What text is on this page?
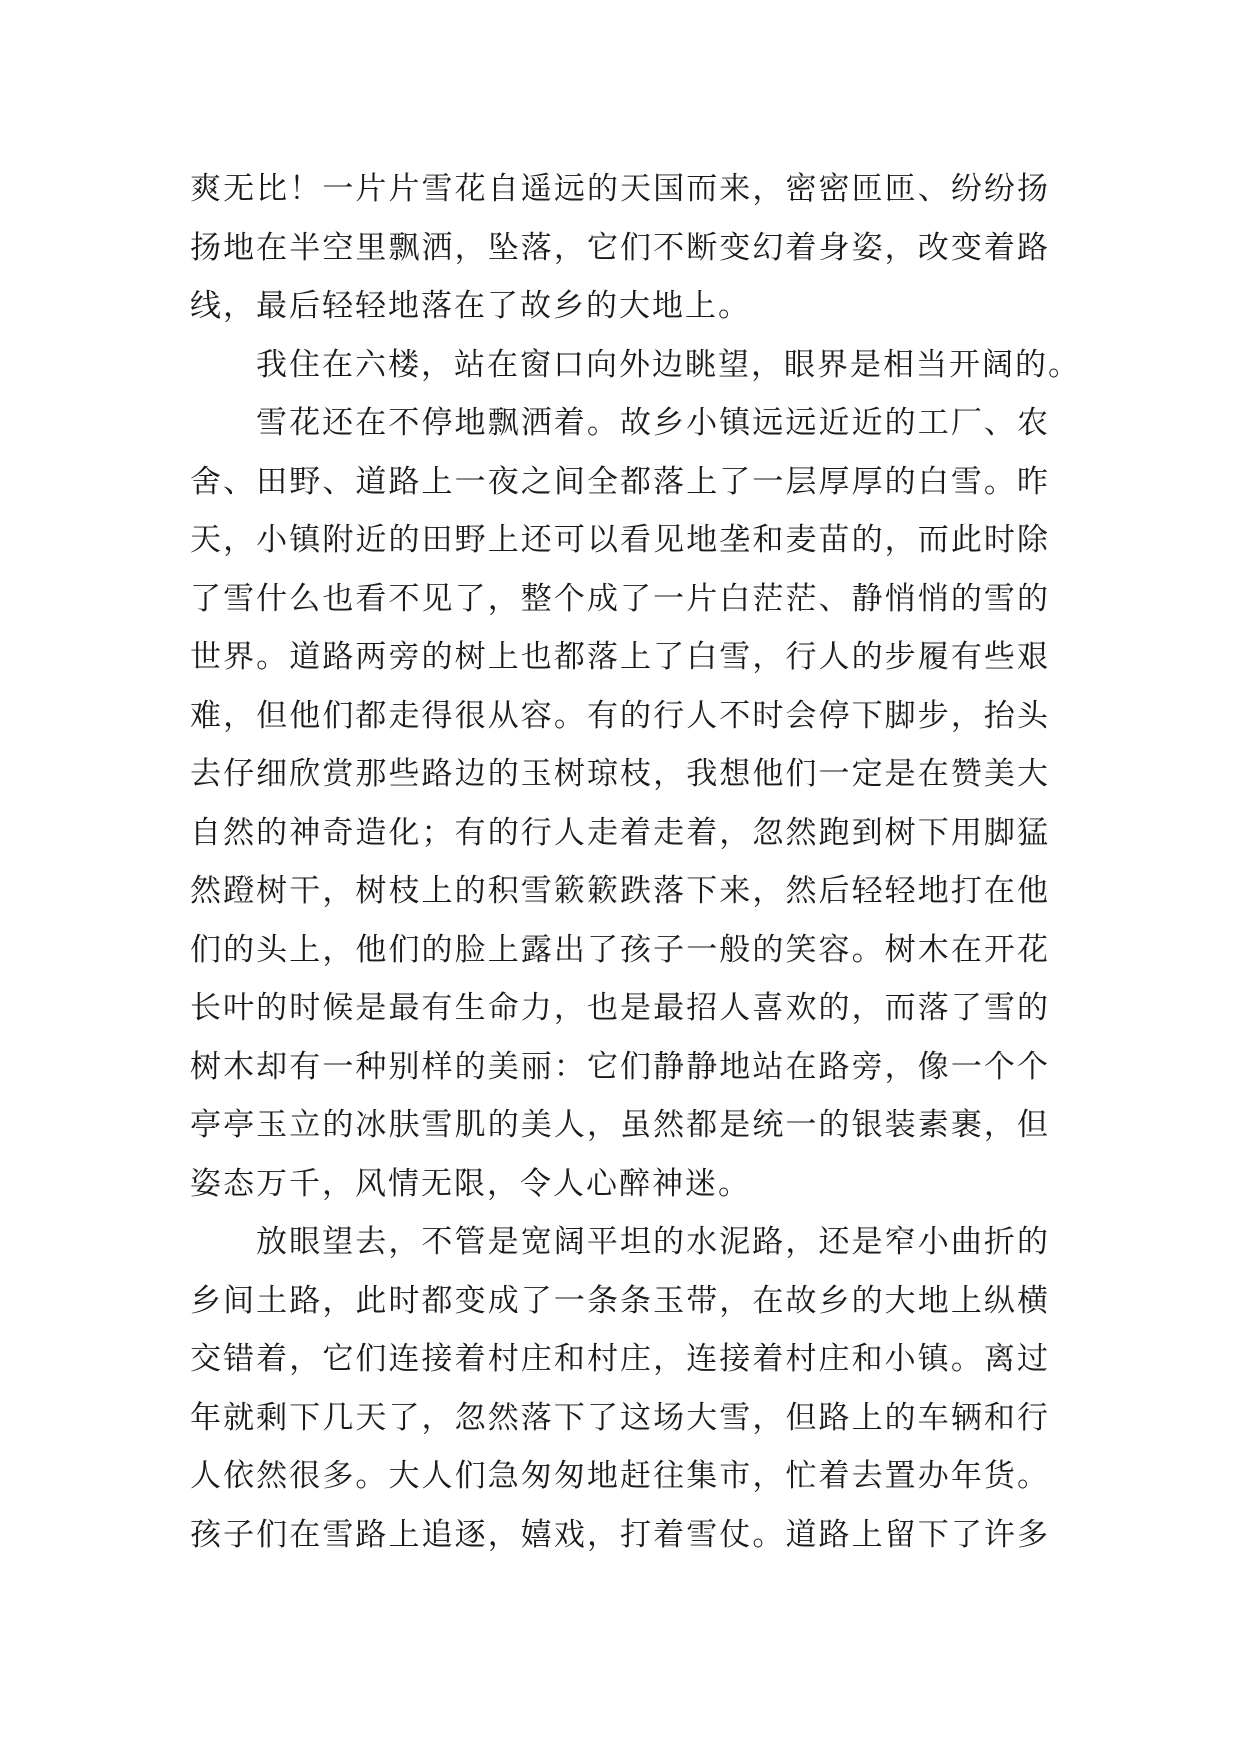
爽无比！一片片雪花自遥远的天国而来，密密匝匝、纷纷扬
扬地在半空里飘洒，坠落，它们不断变幻着身姿，改变着路
线，最后轻轻地落在了故乡的大地上。
我住在六楼，站在窗口向外边眺望，眼界是相当开阔的。
雪花还在不停地飘洒着。故乡小镇远远近近的工厂、农
舍、田野、道路上一夜之间全都落上了一层厚厚的白雪。昨
天，小镇附近的田野上还可以看见地垄和麦苗的，而此时除
了雪什么也看不见了，整个成了一片白茫茫、静悄悄的雪的
世界。道路两旁的树上也都落上了白雪，行人的步履有些艰
难，但他们都走得很从容。有的行人不时会停下脚步，抬头
去仔细欣赏那些路边的玉树琼枝，我想他们一定是在赞美大
自然的神奇造化；有的行人走着走着，忽然跑到树下用脚猛
然蹬树干，树枝上的积雪簌簌跌落下来，然后轻轻地打在他
们的头上，他们的脸上露出了孩子一般的笑容。树木在开花
长叶的时候是最有生命力，也是最招人喜欢的，而落了雪的
树木却有一种别样的美丽：它们静静地站在路旁，像一个个
亭亭玉立的冰肤雪肌的美人，虽然都是统一的银装素裹，但
姿态万千，风情无限，令人心醉神迷。
放眼望去，不管是宽阔平坦的水泥路，还是窄小曲折的
乡间土路，此时都变成了一条条玉带，在故乡的大地上纵横
交错着，它们连接着村庄和村庄，连接着村庄和小镇。离过
年就剩下几天了，忽然落下了这场大雪，但路上的车辆和行
人依然很多。大人们急匆匆地赶往集市，忙着去置办年货。
孩子们在雪路上追逐，嬉戏，打着雪仗。道路上留下了许多
